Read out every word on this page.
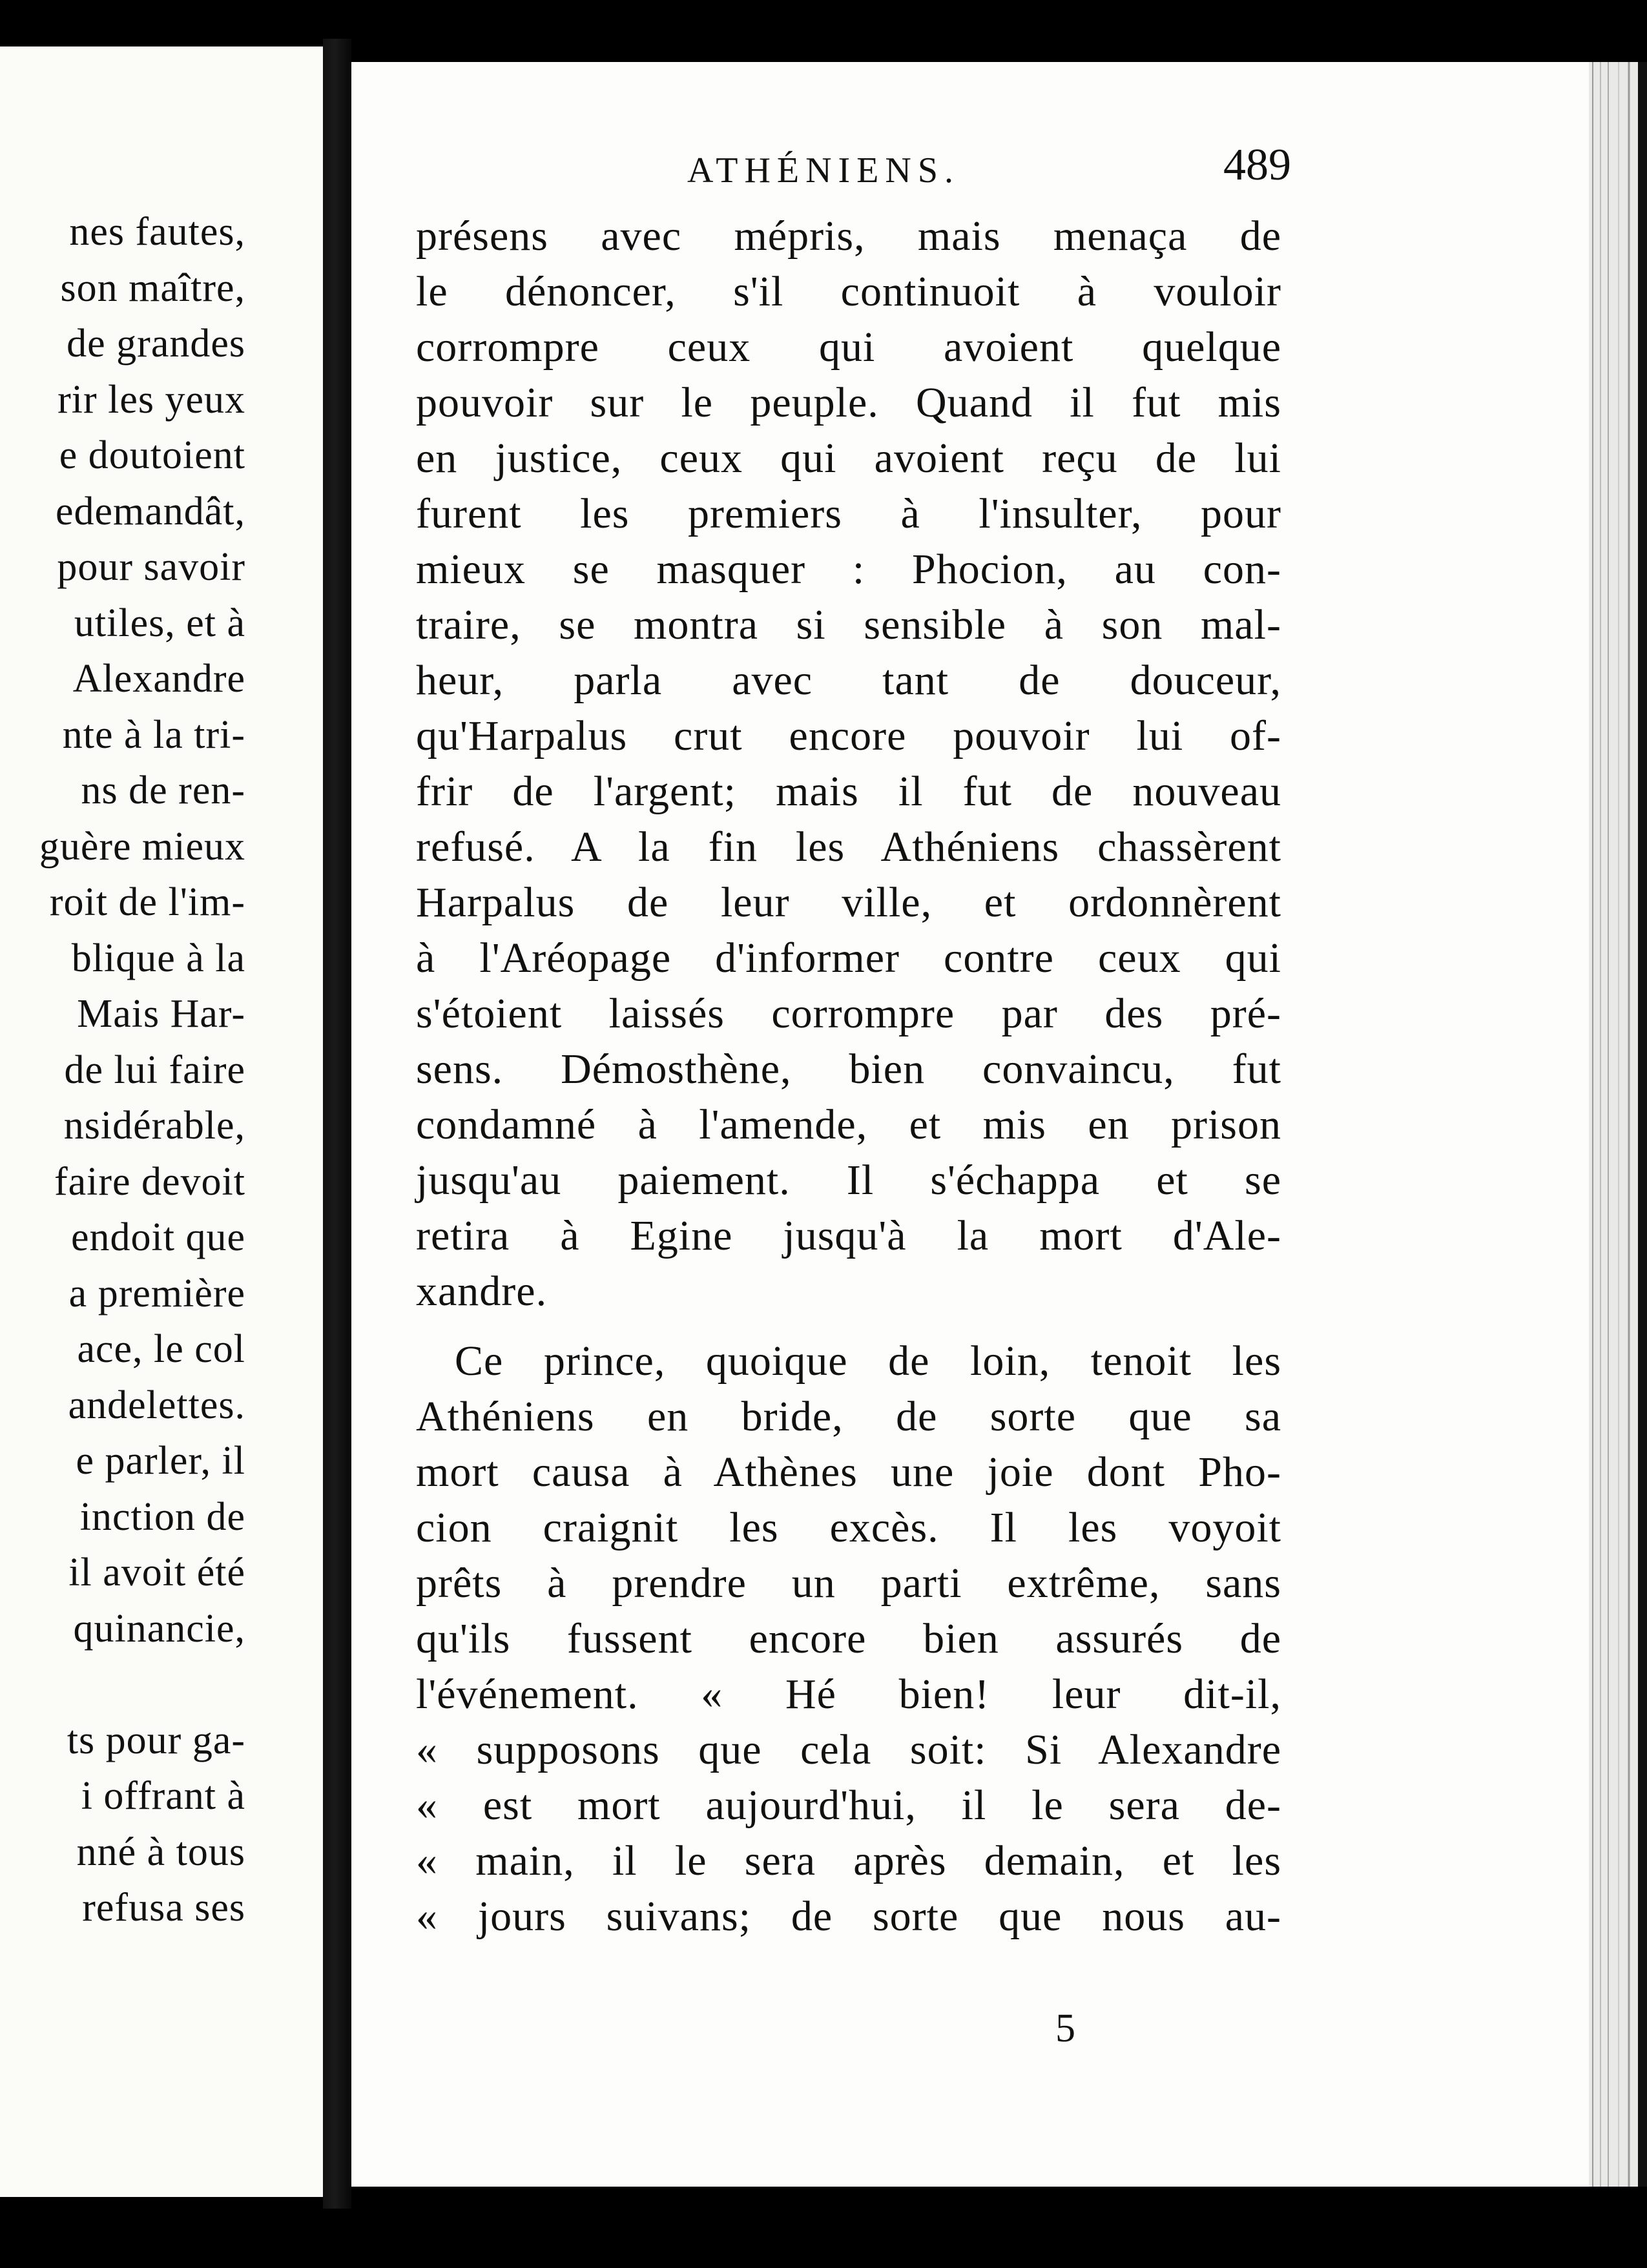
nes fautes,
son maître,
de grandes
rir les yeux
e doutoient
edemandât,
pour savoir
utiles, et à
Alexandre
nte à la tri-
ns de ren-
guère mieux
roit de l'im-
blique à la
Mais Har-
de lui faire
nsidérable,
faire devoit
endoit que
a première
ace, le col
andelettes.
e parler, il
inction de
il avoit été
quinancie,
ts pour ga-
i offrant à
nné à tous
refusa ses
ATHÉNIENS.	489
présens avec mépris, mais menaça de
le dénoncer, s'il continuoit à vouloir
corrompre ceux qui avoient quelque
pouvoir sur le peuple. Quand il fut mis
en justice, ceux qui avoient reçu de lui
furent les premiers à l'insulter, pour
mieux se masquer : Phocion, au con-
traire, se montra si sensible à son mal-
heur, parla avec tant de douceur,
qu'Harpalus crut encore pouvoir lui of-
frir de l'argent; mais il fut de nouveau
refusé. A la fin les Athéniens chassèrent
Harpalus de leur ville, et ordonnèrent
à l'Aréopage d'informer contre ceux qui
s'étoient laissés corrompre par des pré-
sens. Démosthène, bien convaincu, fut
condamné à l'amende, et mis en prison
jusqu'au paiement. Il s'échappa et se
retira à Egine jusqu'à la mort d'Ale-
xandre.
Ce prince, quoique de loin, tenoit les
Athéniens en bride, de sorte que sa
mort causa à Athènes une joie dont Pho-
cion craignit les excès. Il les voyoit
prêts à prendre un parti extrême, sans
qu'ils fussent encore bien assurés de
l'événement. « Hé bien! leur dit-il,
« supposons que cela soit: Si Alexandre
« est mort aujourd'hui, il le sera de-
« main, il le sera après demain, et les
« jours suivans; de sorte que nous au-
5
